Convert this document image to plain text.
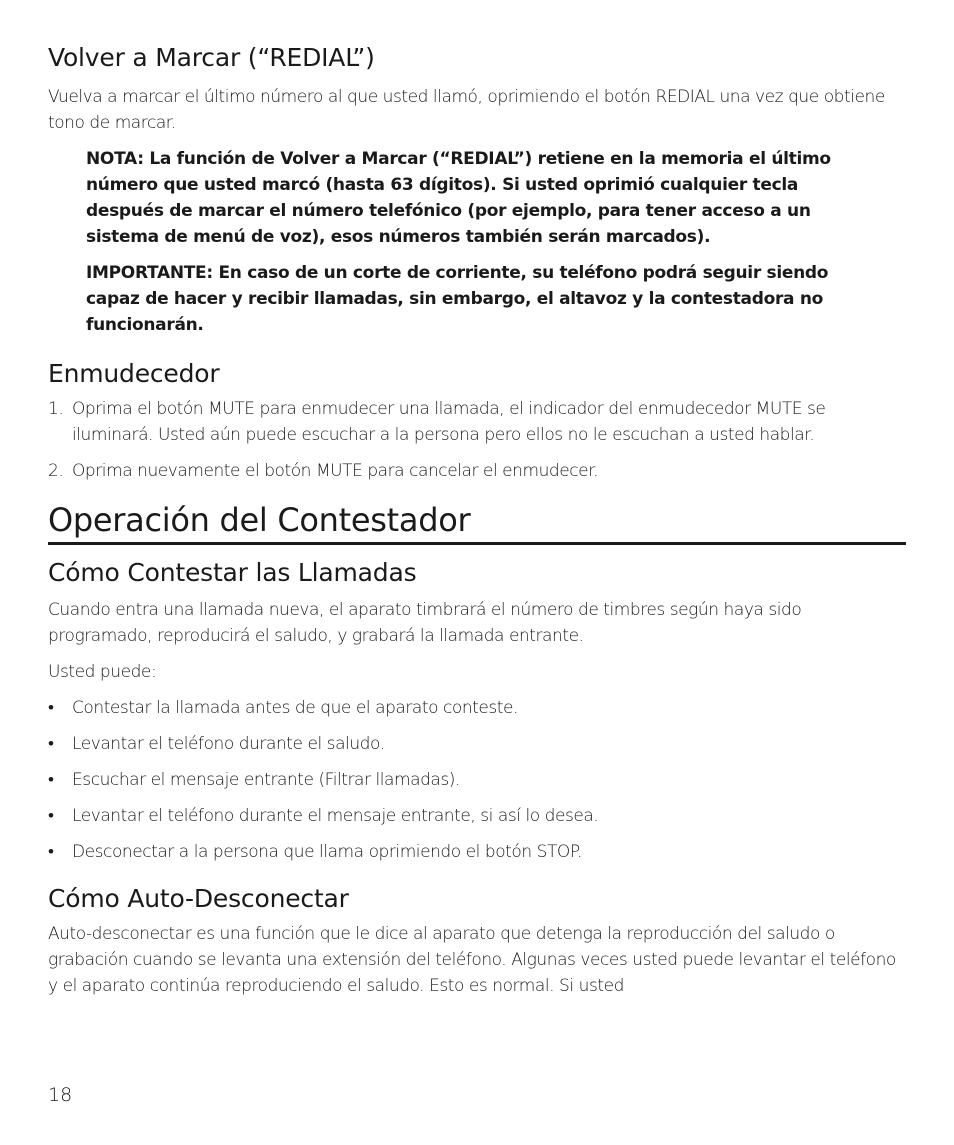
Volver a Marcar (“REDIAL”)

Vuelva a marcar el último número al que usted llamó, oprimiendo el botón REDIAL una vez que obtiene tono de marcar.

NOTA: La función de Volver a Marcar (“REDIAL”) retiene en la memoria el último número que usted marcó (hasta 63 dígitos). Si usted oprimió cualquier tecla después de marcar el número telefónico (por ejemplo, para tener acceso a un sistema de menú de voz), esos números también serán marcados).

IMPORTANTE: En caso de un corte de corriente, su teléfono podrá seguir siendo capaz de hacer y recibir llamadas, sin embargo, el altavoz y la contestadora no funcionarán.

Enmudecedor
1. Oprima el botón MUTE para enmudecer una llamada, el indicador del enmudecedor MUTE se iluminará. Usted aún puede escuchar a la persona pero ellos no le escuchan a usted hablar.
2. Oprima nuevamente el botón MUTE para cancelar el enmudecer.
Operación del Contestador
Cómo Contestar las Llamadas

Cuando entra una llamada nueva, el aparato timbrará el número de timbres según haya sido programado, reproducirá el saludo, y grabará la llamada entrante.

Usted puede:

• Contestar la llamada antes de que el aparato conteste.
• Levantar el teléfono durante el saludo.
• Escuchar el mensaje entrante (Filtrar llamadas).
• Levantar el teléfono durante el mensaje entrante, si así lo desea.
• Desconectar a la persona que llama oprimiendo el botón STOP.
Cómo Auto-Desconectar

Auto-desconectar es una función que le dice al aparato que detenga la reproducción del saludo o grabación cuando se levanta una extensión del teléfono. Algunas veces usted puede levantar el teléfono y el aparato continúa reproduciendo el saludo. Esto es normal. Si usted

18
